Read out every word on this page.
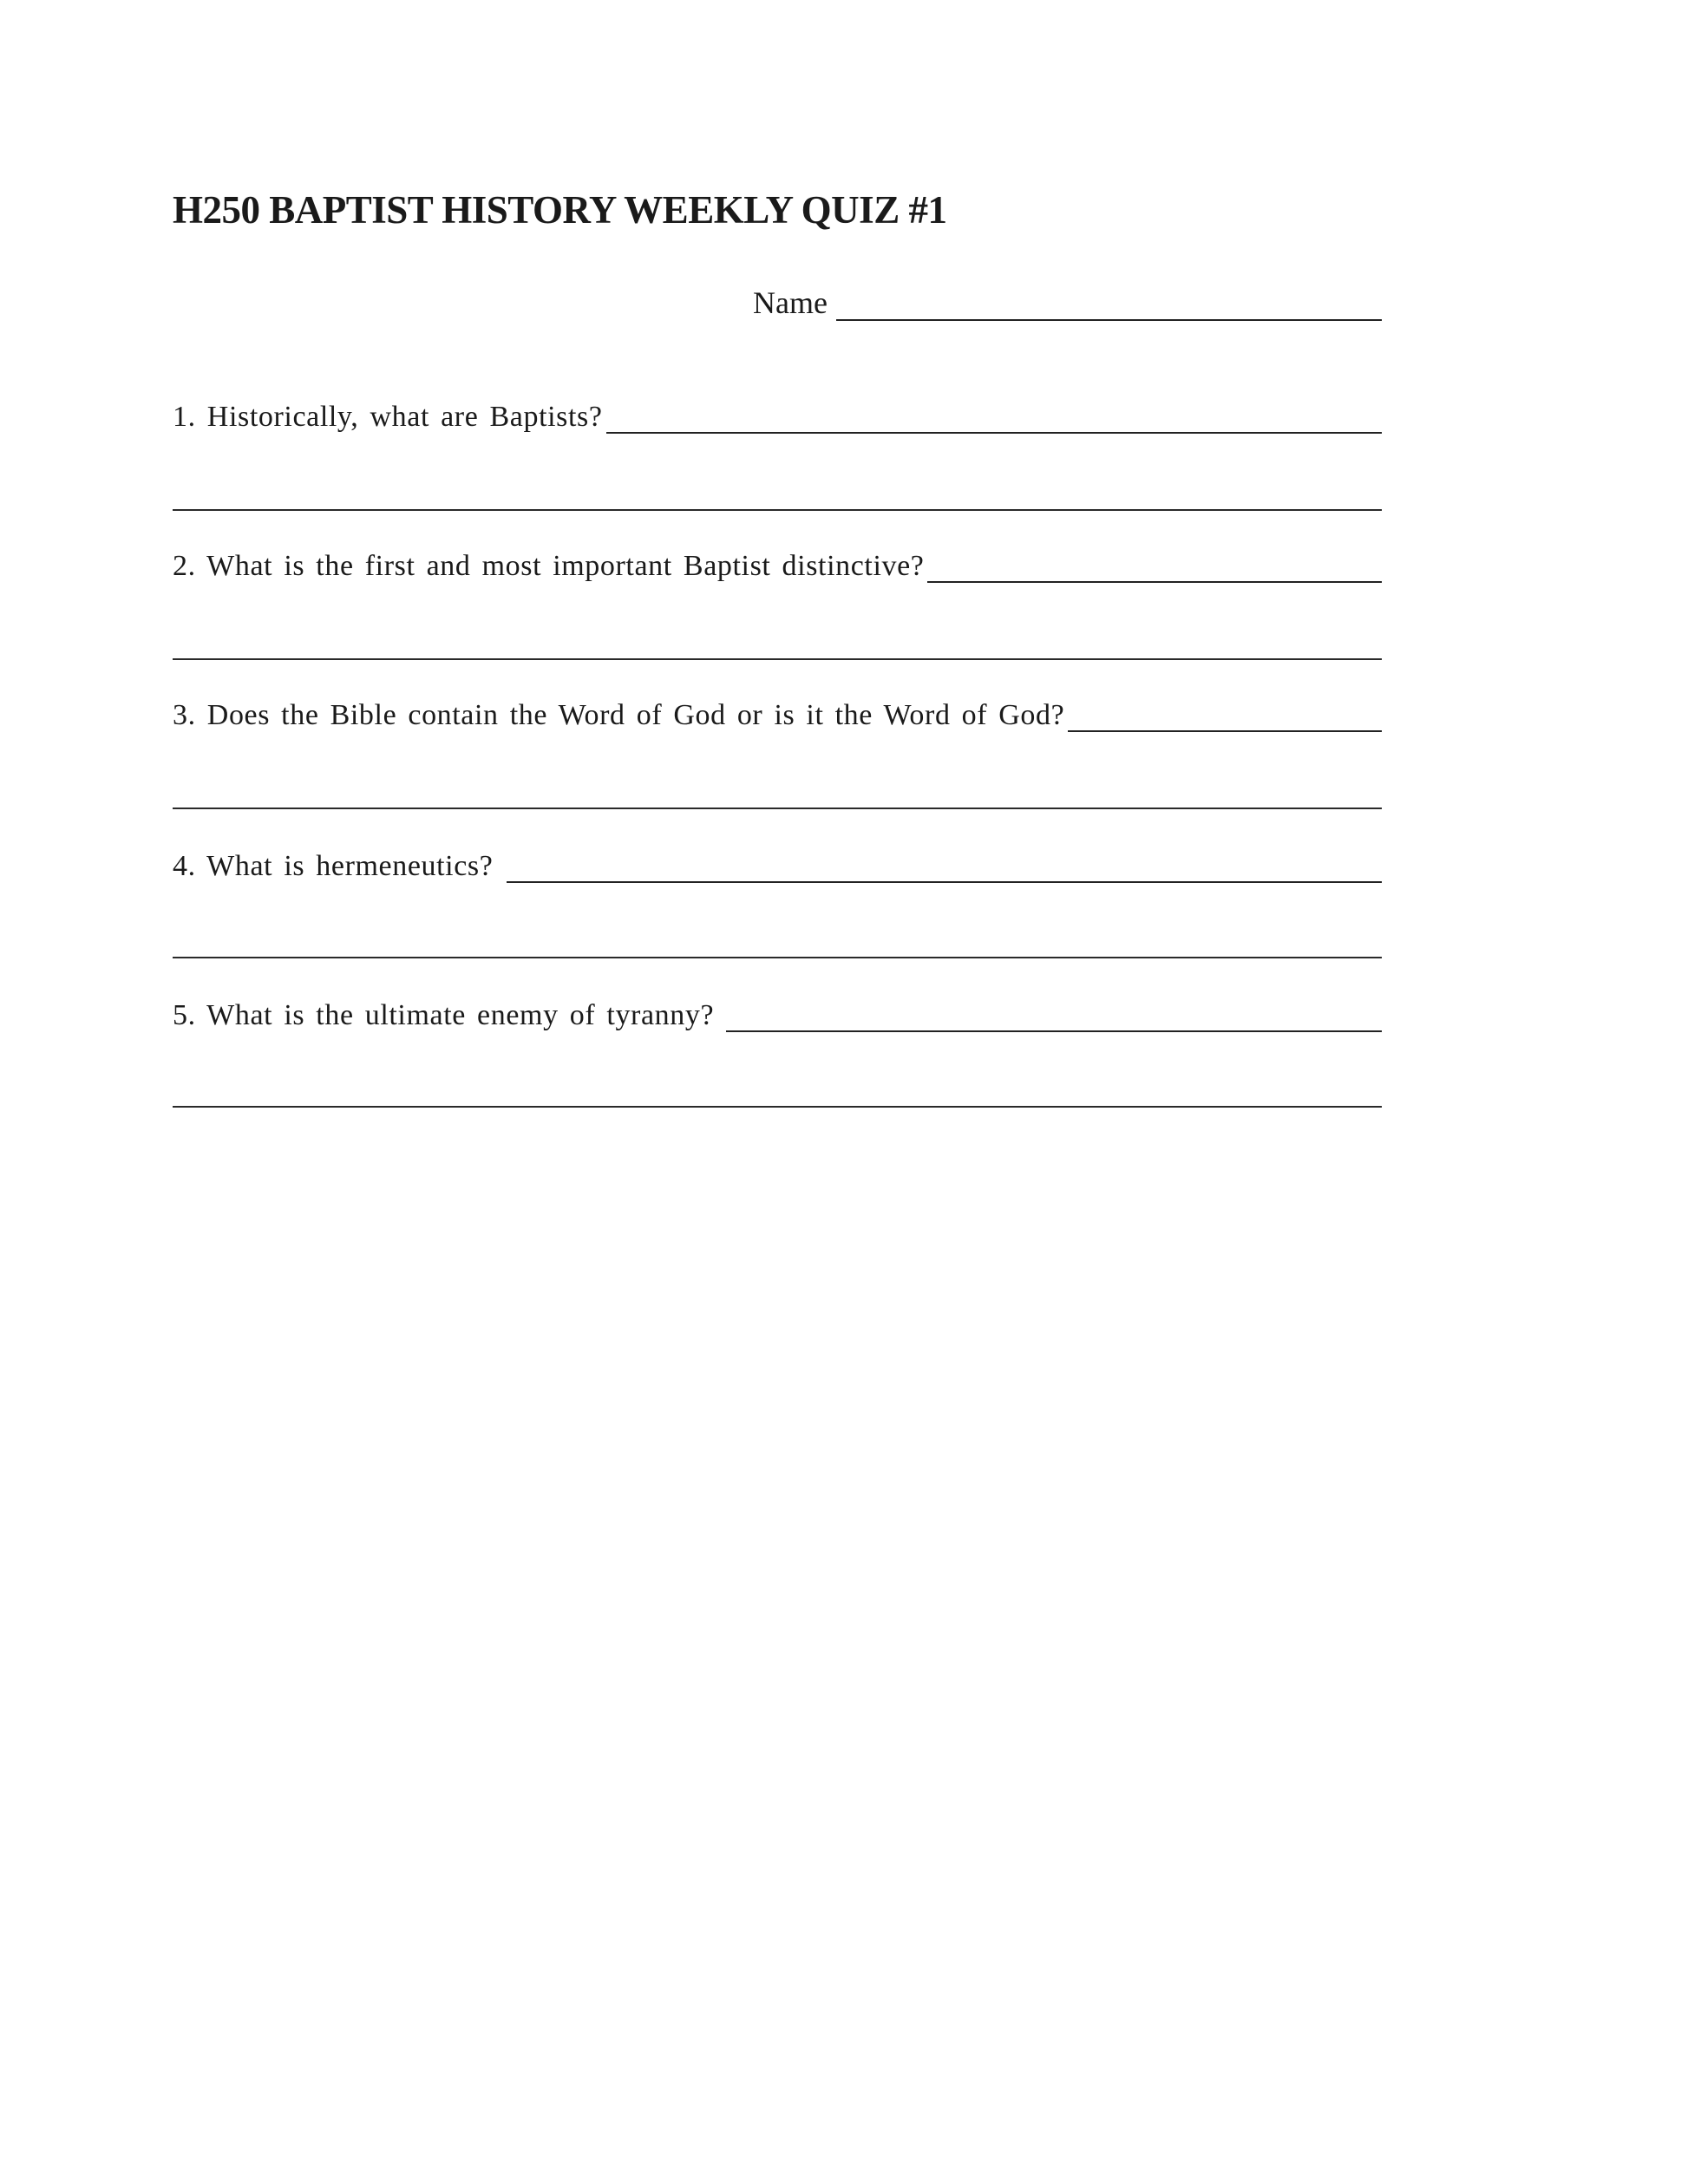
H250 BAPTIST HISTORY WEEKLY QUIZ #1
Name
1. Historically, what are Baptists?
2. What is the first and most important Baptist distinctive?
3. Does the Bible contain the Word of God or is it the Word of God?
4. What is hermeneutics?
5. What is the ultimate enemy of tyranny?
